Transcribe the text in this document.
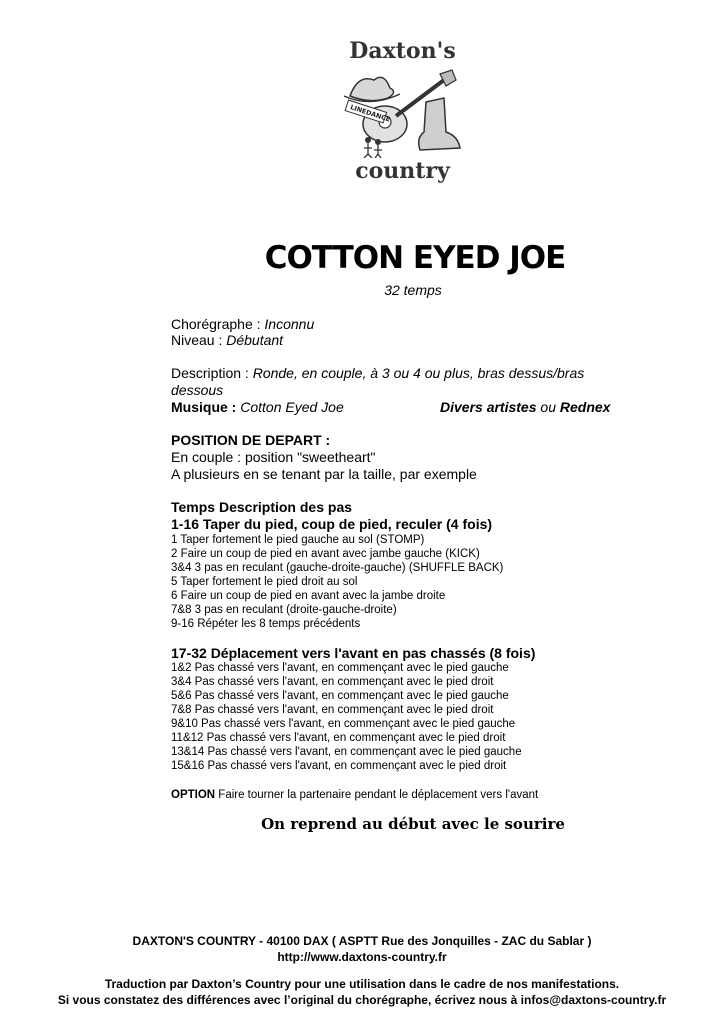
Daxton's
LINEDANCE
country
COTTON EYED JOE
32 temps
Chorégraphe : Inconnu
Niveau : Débutant
Description : Ronde, en couple, à 3 ou 4 ou plus, bras dessus/bras
dessous
Musique : Cotton Eyed Joe	Divers artistes ou Rednex
POSITION DE DEPART :
En couple : position "sweetheart"
A plusieurs en se tenant par la taille, par exemple
Temps Description des pas
1-16 Taper du pied, coup de pied, reculer (4 fois)
1 Taper fortement le pied gauche au sol (STOMP)
2 Faire un coup de pied en avant avec jambe gauche (KICK)
3&4 3 pas en reculant (gauche-droite-gauche) (SHUFFLE BACK)
5 Taper fortement le pied droit au sol
6 Faire un coup de pied en avant avec la jambe droite
7&8 3 pas en reculant (droite-gauche-droite)
9-16 Répéter les 8 temps précédents
17-32 Déplacement vers l'avant en pas chassés (8 fois)
1&2 Pas chassé vers l'avant, en commençant avec le pied gauche
3&4 Pas chassé vers l'avant, en commençant avec le pied droit
5&6 Pas chassé vers l'avant, en commençant avec le pied gauche
7&8 Pas chassé vers l'avant, en commençant avec le pied droit
9&10 Pas chassé vers l'avant, en commençant avec le pied gauche
11&12 Pas chassé vers l'avant, en commençant avec le pied droit
13&14 Pas chassé vers l'avant, en commençant avec le pied gauche
15&16 Pas chassé vers l'avant, en commençant avec le pied droit
OPTION Faire tourner la partenaire pendant le déplacement vers l'avant
On reprend au début avec le sourire
DAXTON'S COUNTRY - 40100 DAX ( ASPTT Rue des Jonquilles - ZAC du Sablar )
http://www.daxtons-country.fr
Traduction par Daxton’s Country pour une utilisation dans le cadre de nos manifestations.
Si vous constatez des différences avec l’original du chorégraphe, écrivez nous à infos@daxtons-country.fr
